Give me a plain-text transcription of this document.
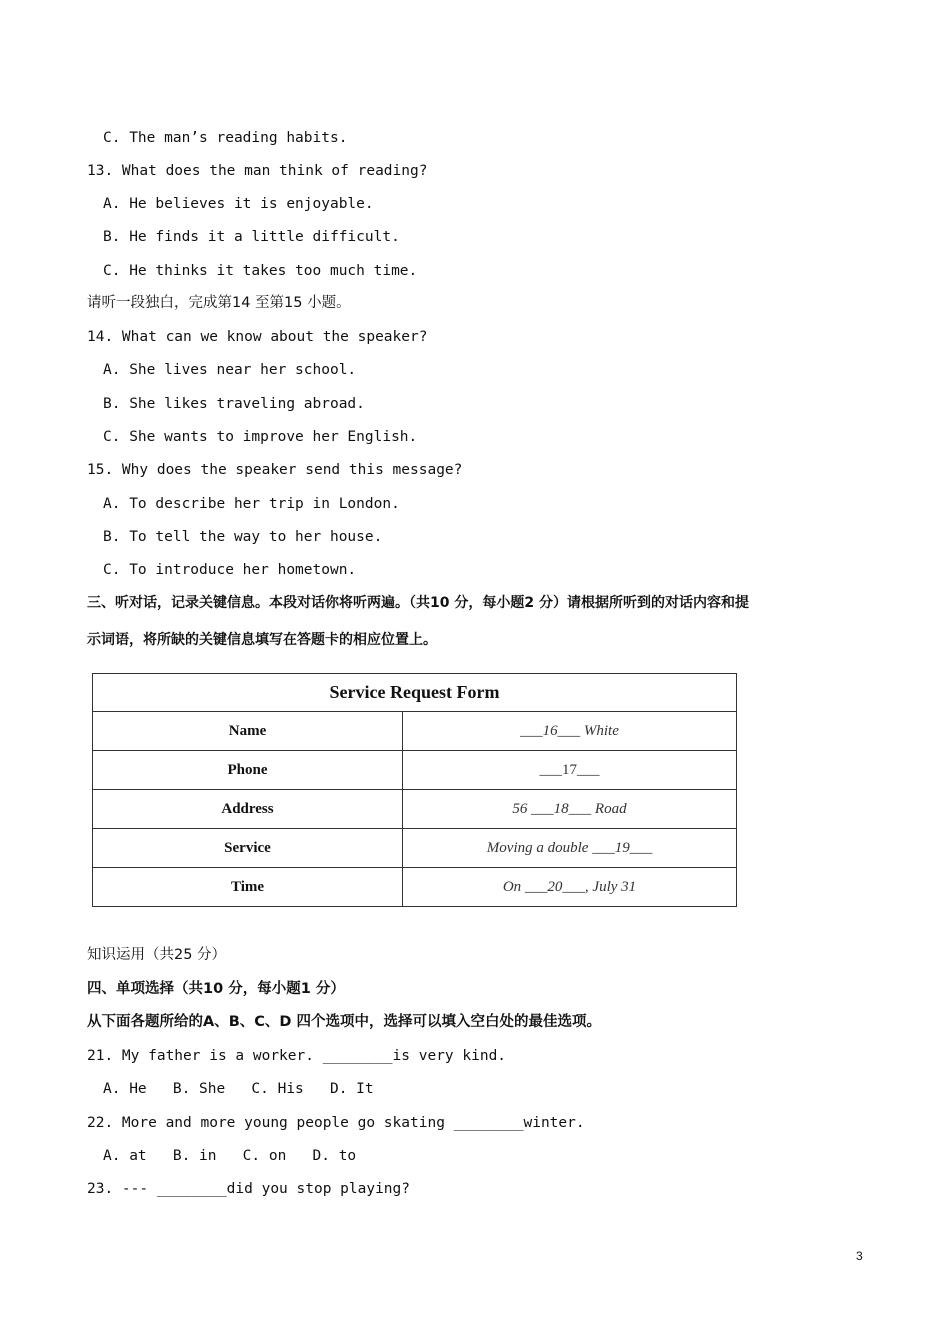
C. The man’s reading habits.
13. What does the man think of reading?
A. He believes it is enjoyable.
B. He finds it a little difficult.
C. He thinks it takes too much time.
请听一段独白，完成第14 至第15 小题。
14. What can we know about the speaker?
A. She lives near her school.
B. She likes traveling abroad.
C. She wants to improve her English.
15. Why does the speaker send this message?
A. To describe her trip in London.
B. To tell the way to her house.
C. To introduce her hometown.
三、听对话，记录关键信息。本段对话你将听两遍。（共10 分，每小题2 分）请根据所听到的对话内容和提
示词语，将所缺的关键信息填写在答题卡的相应位置上。
Service Request Form	
Name	___16___ White
Phone	___17___
Address	56 ___18___ Road
Service	Moving a double ___19___
Time	On ___20___, July 31
知识运用（共25 分）
四、单项选择（共10 分，每小题1 分）
从下面各题所给的A、B、C、D 四个选项中，选择可以填入空白处的最佳选项。
21. My father is a worker. ________is very kind.
A. He   B. She   C. His   D. It
22. More and more young people go skating ________winter.
A. at   B. in   C. on   D. to
23. --- ________did you stop playing?
3
